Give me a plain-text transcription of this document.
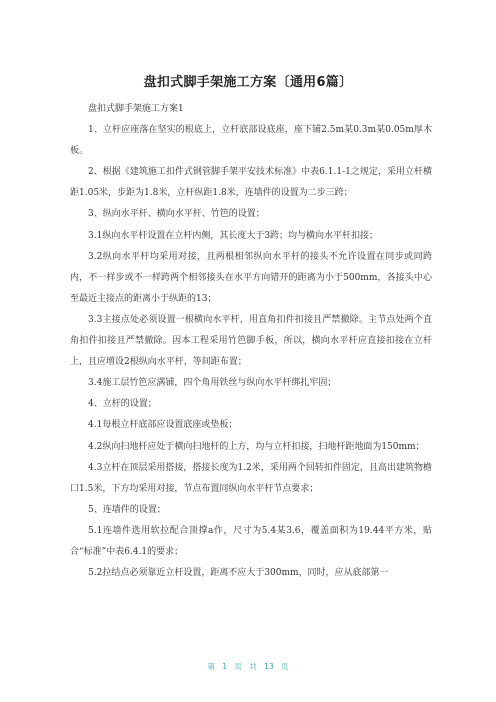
盘扣式脚手架施工方案〔通用6篇〕

盘扣式脚手架施工方案1

1、立杆应座落在坚实的根底上，立杆底部设底座，座下铺2.5m某0.3m某0.05m厚木板。

2、根据《建筑施工扣件式钢管脚手架平安技术标准》中表6.1.1-1之规定，采用立杆横距1.05米，步距为1.8米，立杆纵距1.8米，连墙件的设置为二步三跨；

3、纵向水平杆、横向水平杆、竹笆的设置；

3.1纵向水平杆设置在立杆内侧，其长度大于3跨；均与横向水平杆扣接；

3.2纵向水平杆均采用对接，且两根相邻纵向水平杆的接头不允许设置在同步或同跨内，不一样步或不一样跨两个相邻接头在水平方向错开的距离为小于500mm，各接头中心至最近主接点的距离小于纵距的13；

3.3主接点处必须设置一根横向水平杆，用直角扣件扣接且严禁撤除。主节点处两个直角扣件扣接且严禁撤除。因本工程采用竹笆脚手板，所以，横向水平杆应直接扣接在立杆上，且应增设2根纵向水平杆，等间距布置；

3.4施工层竹笆应满铺，四个角用铁丝与纵向水平杆绑扎牢固；

4、立杆的设置；

4.1每根立杆底部应设置底座或垫板；

4.2纵向扫地杆应处于横向扫地杆的上方，均与立杆扣接，扫地杆距地面为150mm；

4.3立杆在顶层采用搭接，搭接长度为1.2米，采用两个回转扣件固定，且高出建筑物檐口1.5米，下方均采用对接，节点布置同纵向水平杆节点要求；

5、连墙件的设置；

5.1连墙件选用软拉配合顶撑a作，尺寸为5.4某3.6，覆盖面积为19.44平方米，贴合“标准”中表6.4.1的要求；

5.2拉结点必须靠近立杆设置，距离不应大于300mm，同时，应从底部第一

第 1 页 共 13 页
